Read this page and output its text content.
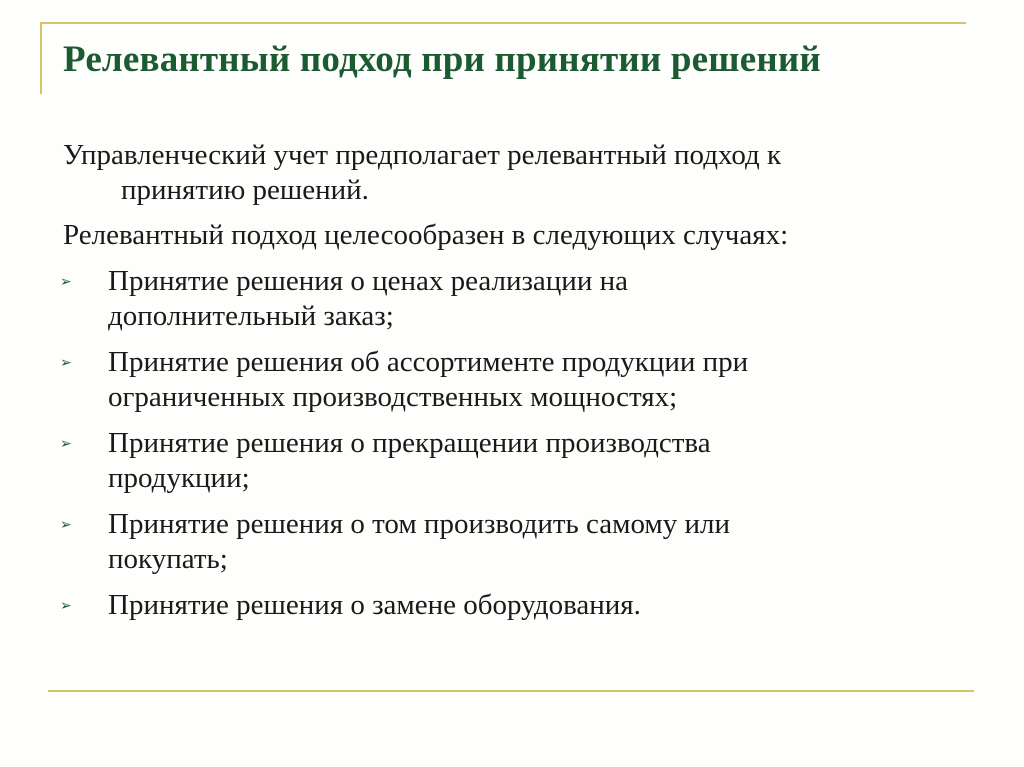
Релевантный подход при принятии решений
Управленческий учет предполагает релевантный подход к
принятию решений.
Релевантный подход целесообразен в следующих случаях:
➢ Принятие решения о ценах реализации на
дополнительный заказ;
➢ Принятие решения об ассортименте продукции при
ограниченных производственных мощностях;
➢ Принятие решения о прекращении производства
продукции;
➢ Принятие решения о том производить самому или
покупать;
➢ Принятие решения о замене оборудования.
